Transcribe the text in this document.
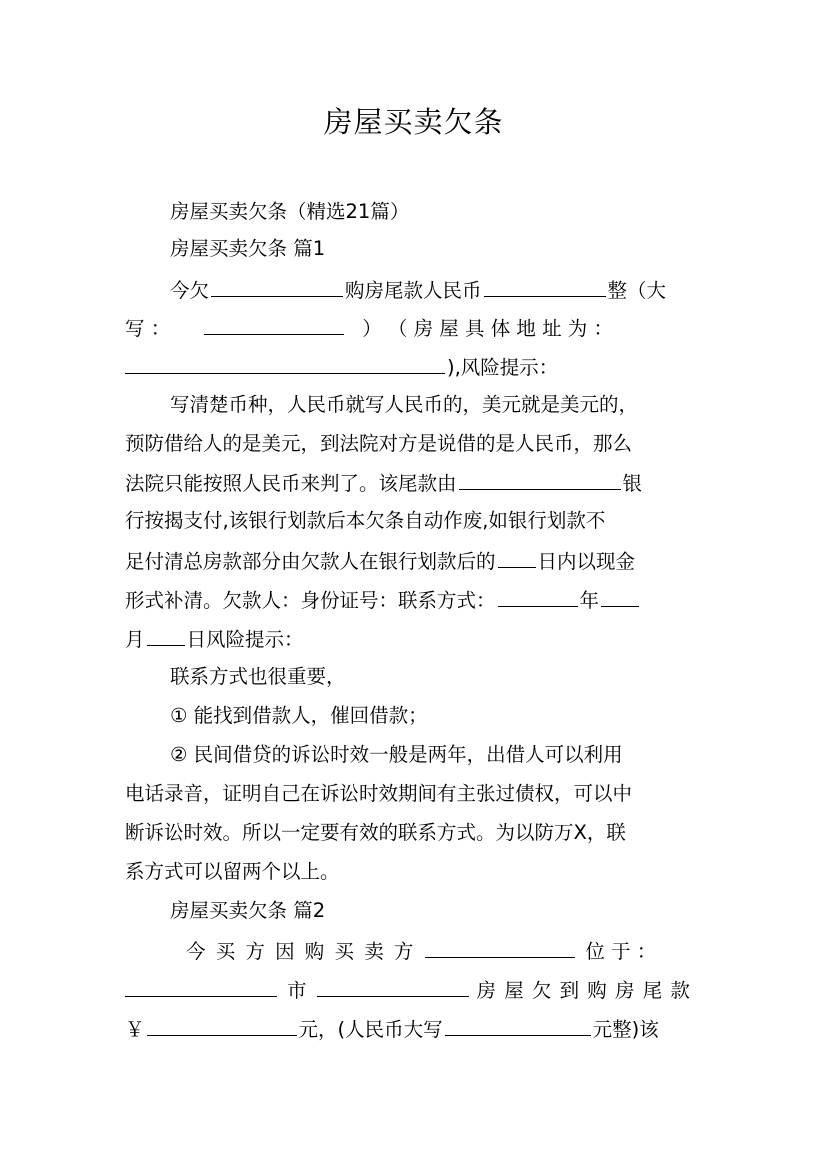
房屋买卖欠条
房屋买卖欠条（精选21篇）
房屋买卖欠条 篇1
今欠	购房尾款人民币	整（大
写 ：	） （ 房 屋 具 体 地 址 为 ：
),风险提示：
写清楚币种，人民币就写人民币的，美元就是美元的，
预防借给人的是美元，到法院对方是说借的是人民币，那么
法院只能按照人民币来判了。该尾款由	银
行按揭支付,该银行划款后本欠条自动作废,如银行划款不
足付清总房款部分由欠款人在银行划款后的 日内以现金
形式补清。欠款人：身份证号：联系方式：	年
月 日风险提示：
联系方式也很重要，
① 能找到借款人，催回借款；
② 民间借贷的诉讼时效一般是两年，出借人可以利用
电话录音，证明自己在诉讼时效期间有主张过债权，可以中
断诉讼时效。所以一定要有效的联系方式。为以防万X，联
系方式可以留两个以上。
房屋买卖欠条 篇2
今 买 方 因 购 买 卖 方	位 于 ：
市	房 屋 欠 到 购 房 尾 款
￥	元，(人民币大写	元整)该
